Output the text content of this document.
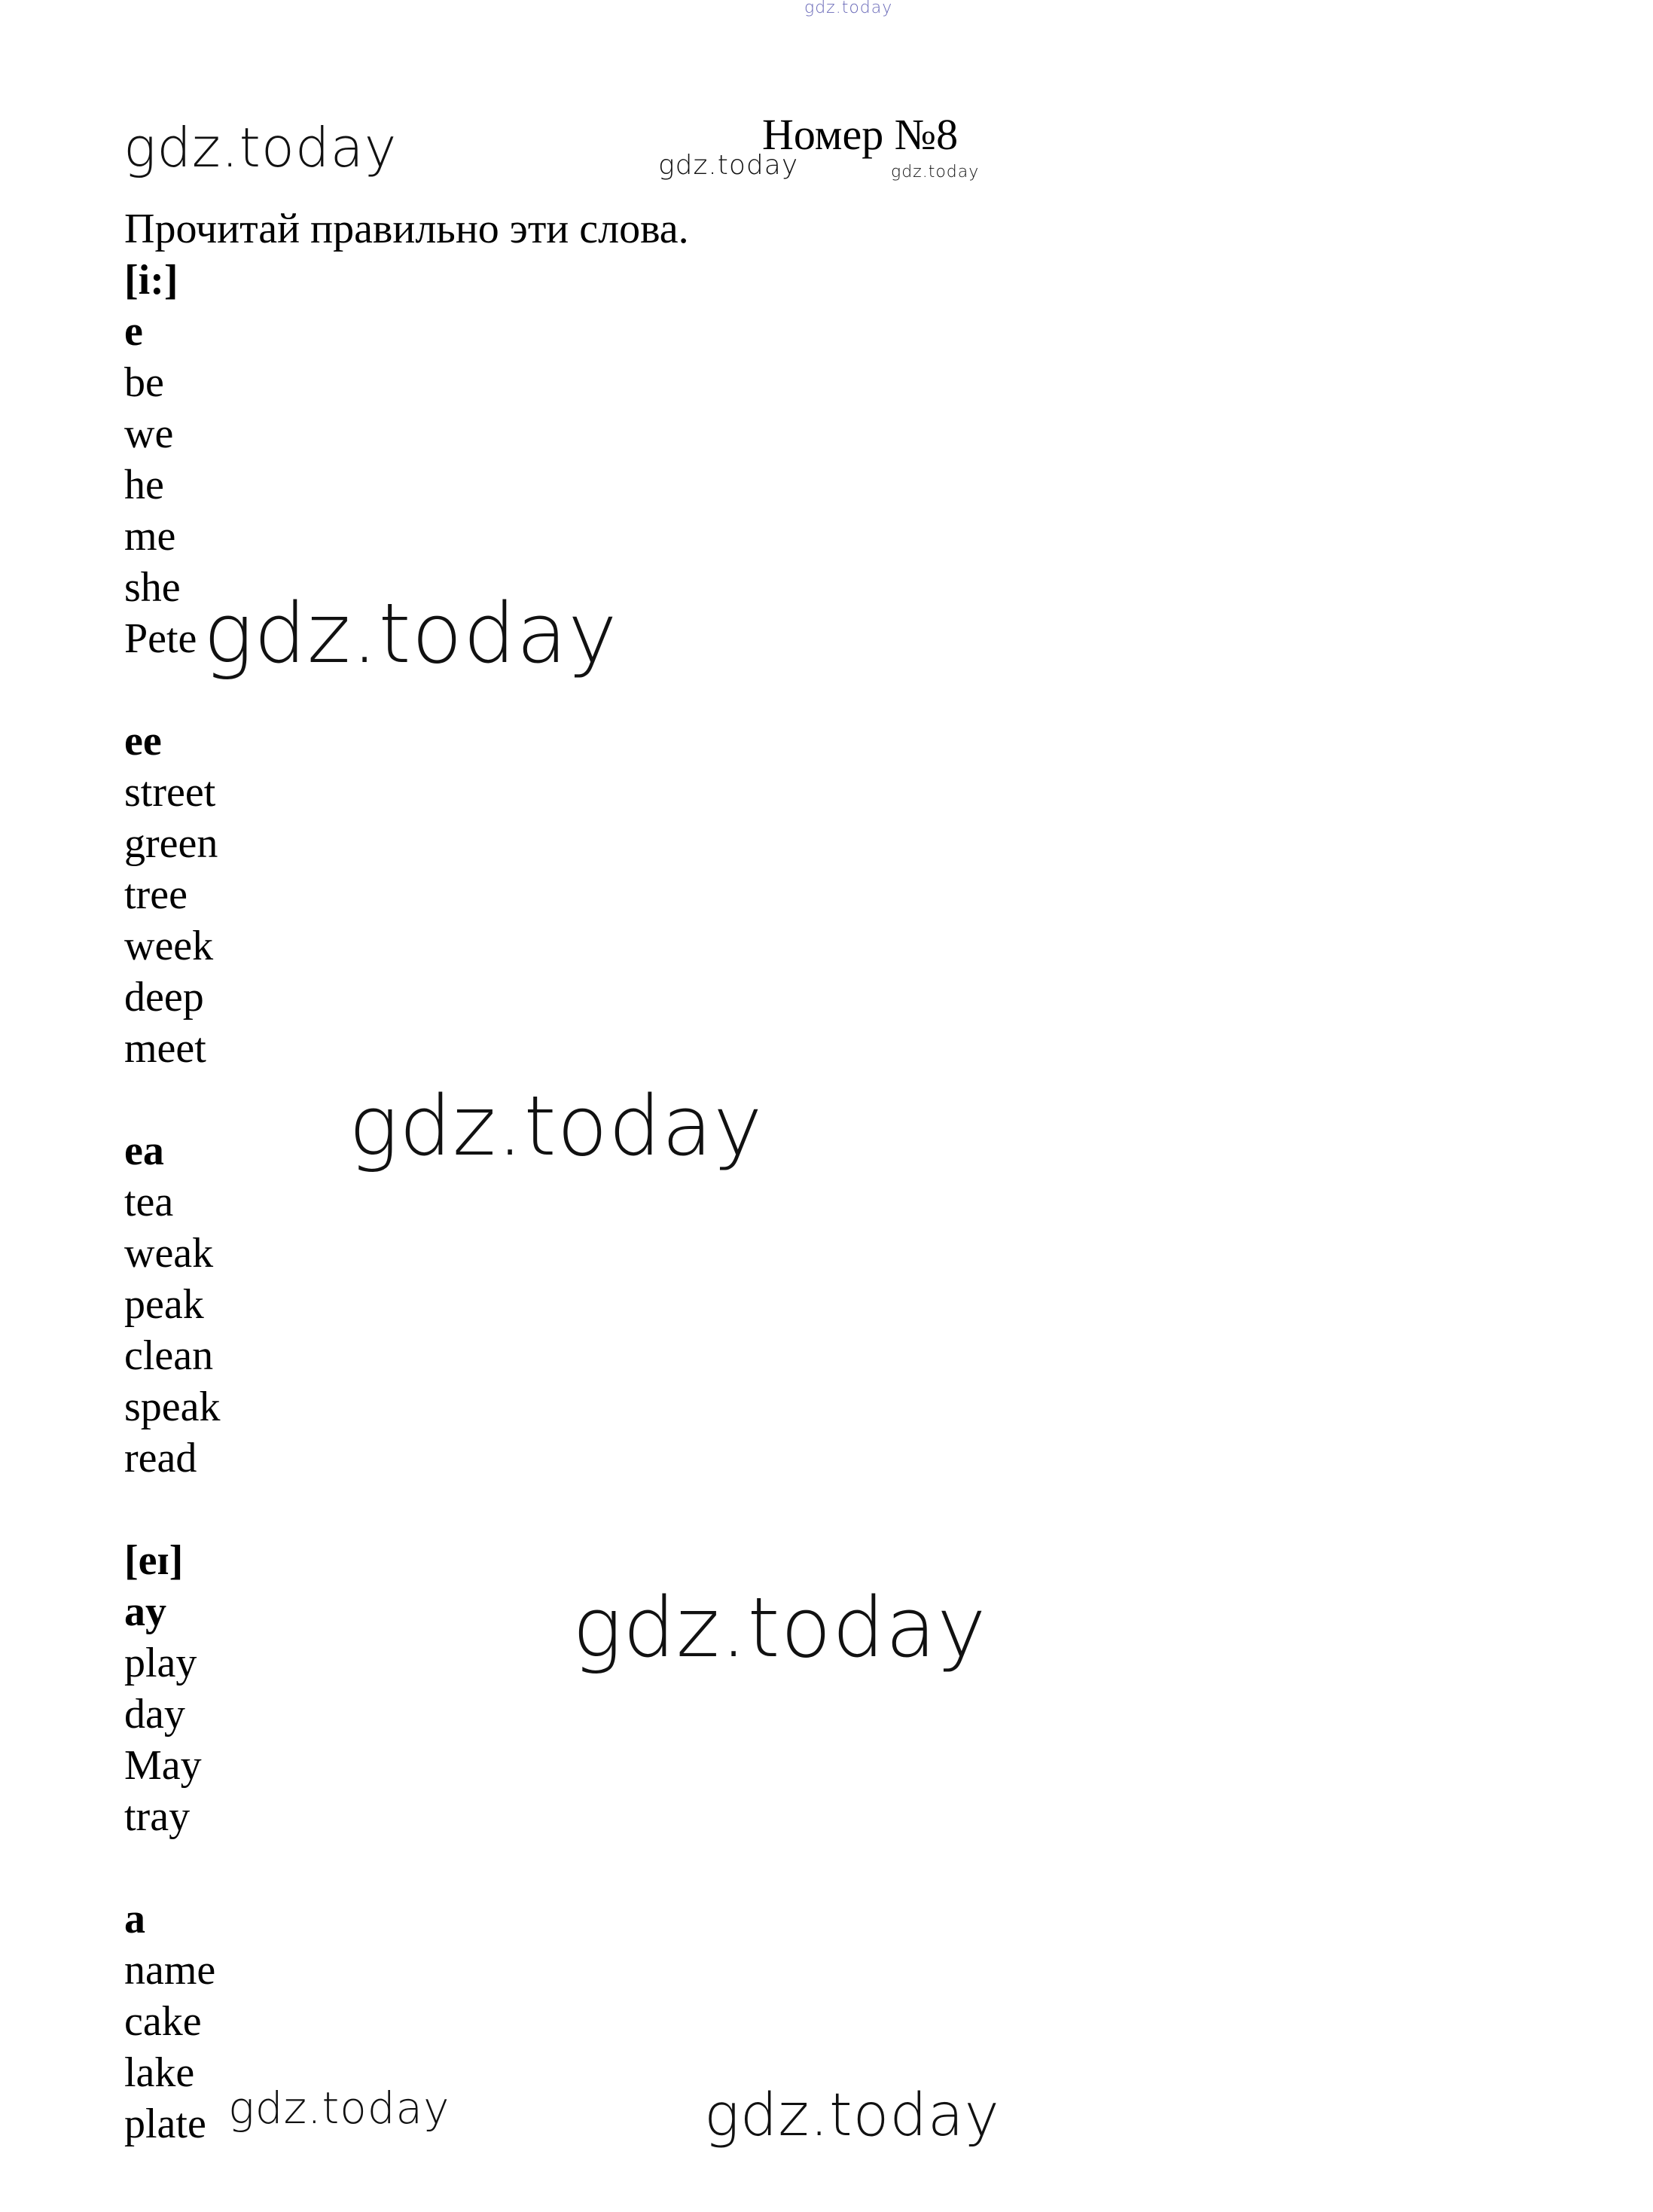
gdz.today
gdz.today	gdz.today	gdz.today
Номер №8

Прочитай правильно эти слова.

[i:]
e
be
we
he
me
she
Pete
ee
street
green
tree
week
deep
meet
ea
tea
weak
peak
clean
speak
read
[eɪ]
ay
play
day
May
tray
a
name
cake
lake
plate
gdz.today
gdz.today
gdz.today
gdz.today	gdz.today
